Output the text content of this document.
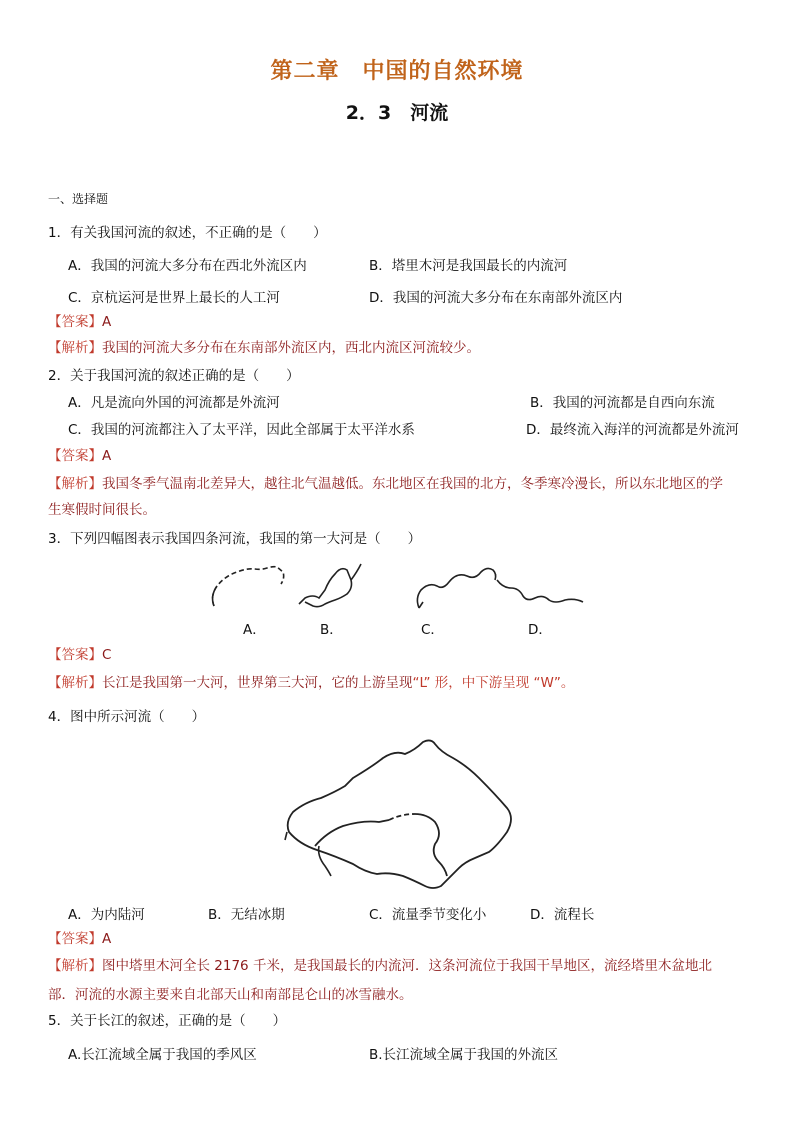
第二章　中国的自然环境
2．3　河流
一、选择题
1．有关我国河流的叙述，不正确的是（　　）
A．我国的河流大多分布在西北外流区内	B．塔里木河是我国最长的内流河
C．京杭运河是世界上最长的人工河	D．我国的河流大多分布在东南部外流区内
【答案】A
【解析】我国的河流大多分布在东南部外流区内，西北内流区河流较少。
2．关于我国河流的叙述正确的是（　　）
A．凡是流向外国的河流都是外流河	B．我国的河流都是自西向东流
C．我国的河流都注入了太平洋，因此全部属于太平洋水系	D．最终流入海洋的河流都是外流河
【答案】A
【解析】我国冬季气温南北差异大，越往北气温越低。东北地区在我国的北方，冬季寒冷漫长，所以东北地区的学
生寒假时间很长。
3．下列四幅图表示我国四条河流，我国的第一大河是（　　）
A．	B．	C．	D．
【答案】C
【解析】长江是我国第一大河，世界第三大河，它的上游呈现“L” 形，中下游呈现 “W”。
4．图中所示河流（　　）
A．为内陆河	B．无结冰期	C．流量季节变化小	D．流程长
【答案】A
【解析】图中塔里木河全长 2176 千米，是我国最长的内流河．这条河流位于我国干旱地区，流经塔里木盆地北
部．河流的水源主要来自北部天山和南部昆仑山的冰雪融水。
5．关于长江的叙述，正确的是（　　）
A.长江流域全属于我国的季风区	B.长江流域全属于我国的外流区
